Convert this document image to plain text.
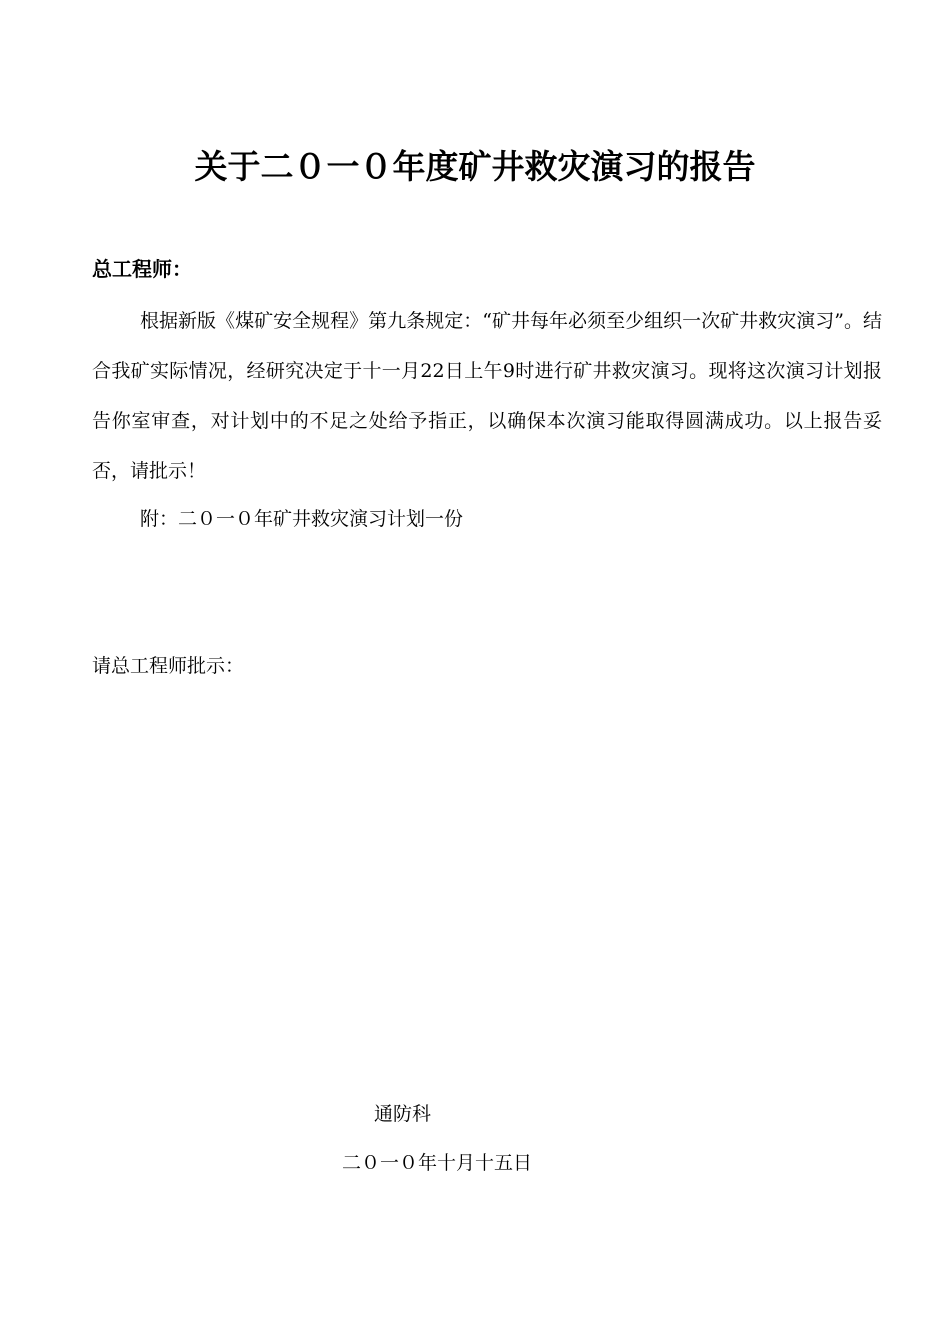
关于二０一０年度矿井救灾演习的报告
总工程师：
根据新版《煤矿安全规程》第九条规定：“矿井每年必须至少组织一次矿井救灾演习”。结合我矿实际情况，经研究决定于十一月22日上午9时进行矿井救灾演习。现将这次演习计划报告你室审查，对计划中的不足之处给予指正，以确保本次演习能取得圆满成功。以上报告妥否，请批示！
附：二０一０年矿井救灾演习计划一份
请总工程师批示：
通防科
二０一０年十月十五日
